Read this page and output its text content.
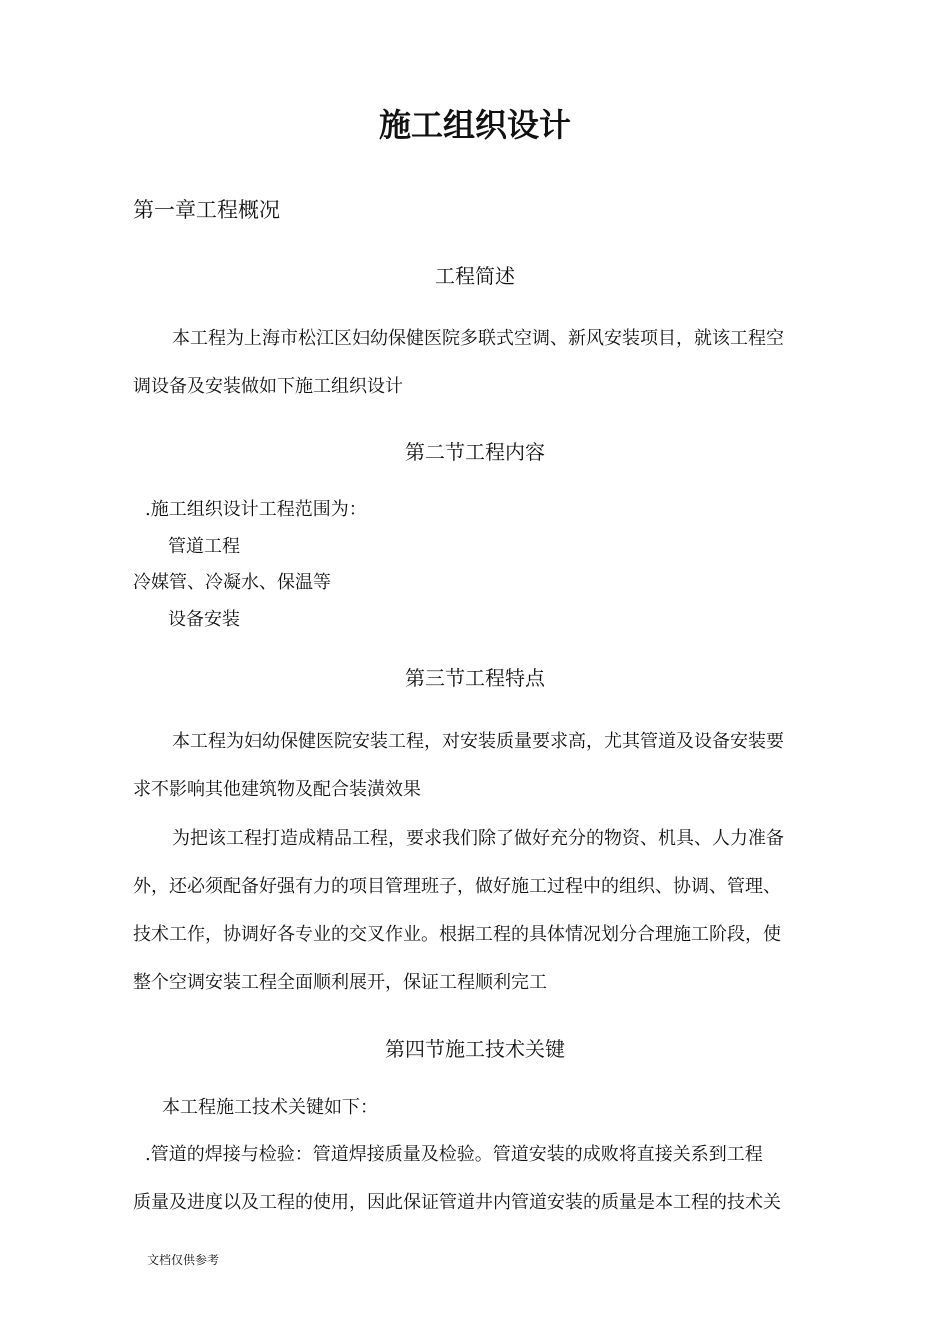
施工组织设计
第一章工程概况
工程简述

本工程为上海市松江区妇幼保健医院多联式空调、新风安装项目，就该工程空

调设备及安装做如下施工组织设计

第二节工程内容

.施工组织设计工程范围为：

管道工程

冷媒管、冷凝水、保温等

设备安装

第三节工程特点

本工程为妇幼保健医院安装工程，对安装质量要求高，尤其管道及设备安装要

求不影响其他建筑物及配合装潢效果

为把该工程打造成精品工程，要求我们除了做好充分的物资、机具、人力准备

外，还必须配备好强有力的项目管理班子，做好施工过程中的组织、协调、管理、

技术工作，协调好各专业的交叉作业。根据工程的具体情况划分合理施工阶段，使

整个空调安装工程全面顺利展开，保证工程顺利完工

第四节施工技术关键

本工程施工技术关键如下：

.管道的焊接与检验：管道焊接质量及检验。管道安装的成败将直接关系到工程

质量及进度以及工程的使用，因此保证管道井内管道安装的质量是本工程的技术关

文档仅供参考
